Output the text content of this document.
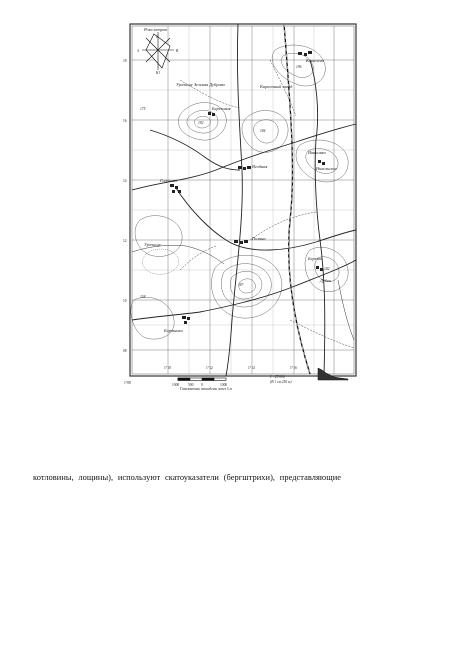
Роза ветров
С
Ю
З	В
Кошелево
Урочище Зеленая Дубрава	Кирпичный завод
Березовая
Ягодная
Ивановка
Никольское
Горохово
Урочище
Поляна
Березки
Дубки
Бортники
192
175
184
187
182
196
158
18
16
14
12
10
08
1°08
1°10	1°12	1°14	1°16
1000 500 0	1000
1 : 25 000
(В 1 см 250 м)
Горизонтали проведены через 5 м
котловины, лощины), используют скатоуказатели (бергштрихи), представляющие
